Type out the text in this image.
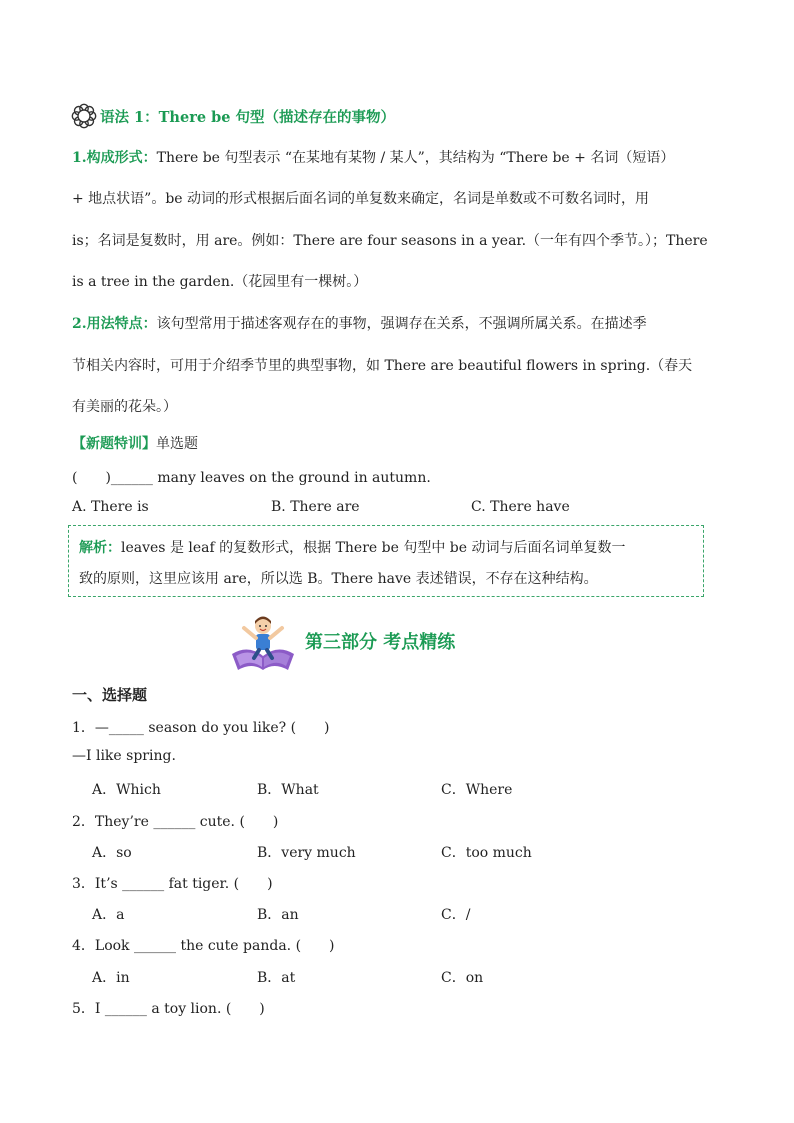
语法 1：There be 句型（描述存在的事物）
1.构成形式：There be 句型表示 “在某地有某物 / 某人”，其结构为 “There be + 名词（短语）
+ 地点状语”。be 动词的形式根据后面名词的单复数来确定，名词是单数或不可数名词时，用
is；名词是复数时，用 are。例如：There are four seasons in a year.（一年有四个季节。）；There
is a tree in the garden.（花园里有一棵树。）
2.用法特点：该句型常用于描述客观存在的事物，强调存在关系，不强调所属关系。在描述季
节相关内容时，可用于介绍季节里的典型事物，如 There are beautiful flowers in spring.（春天
有美丽的花朵。）
【新题特训】单选题
(　　)______ many leaves on the ground in autumn.
A. There is	B. There are	C. There have
解析：leaves 是 leaf 的复数形式，根据 There be 句型中 be 动词与后面名词单复数一
致的原则，这里应该用 are，所以选 B。There have 表述错误，不存在这种结构。
第三部分 考点精练
一、选择题
1．—_____ season do you like? (　　)
—I like spring.
A．Which	B．What	C．Where
2．They’re ______ cute. (　　)
A．so	B．very much	C．too much
3．It’s ______ fat tiger. (　　)
A．a	B．an	C．/
4．Look ______ the cute panda. (　　)
A．in	B．at	C．on
5．I ______ a toy lion. (　　)
